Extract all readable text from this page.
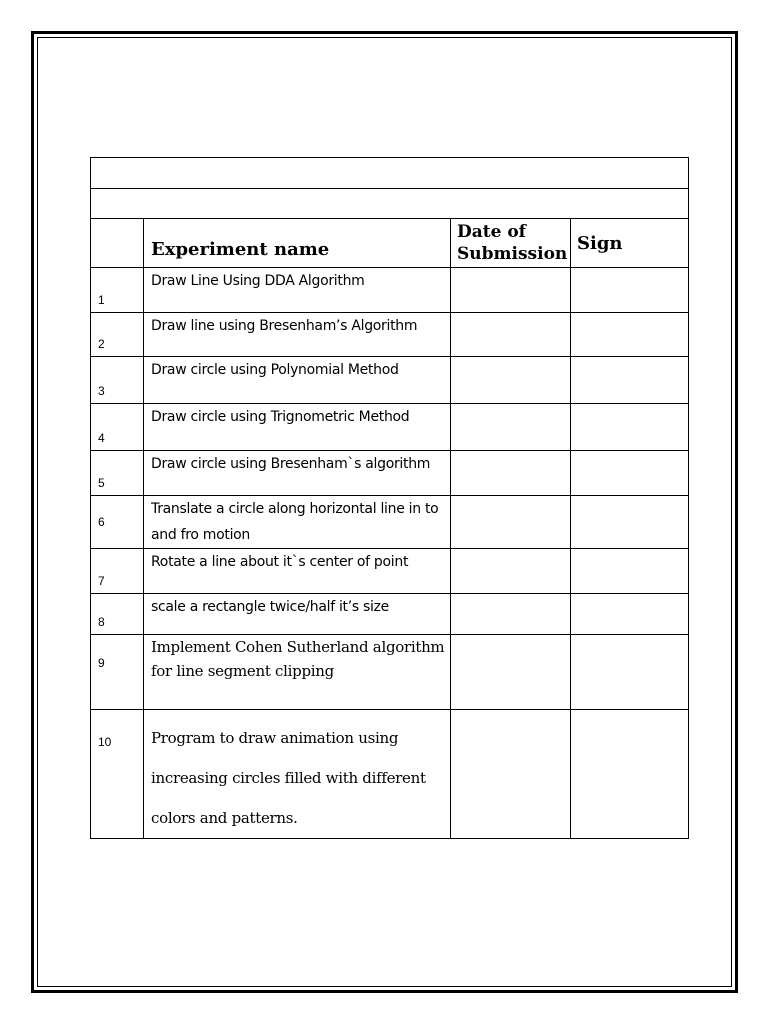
	Experiment name	Date of Submission	Sign

1	Draw Line Using DDA Algorithm		

2	Draw line using Bresenham’s Algorithm		

3	Draw circle using Polynomial Method		

4	Draw circle using Trignometric Method		

5	Draw circle using Bresenham`s algorithm		

6	Translate a circle along horizontal line in to and fro motion		

7	Rotate a line about it`s center of point		

8	scale a rectangle twice/half it’s size		

9	Implement Cohen Sutherland algorithm for line segment clipping		

10	Program to draw animation using increasing circles filled with different colors and patterns.		
